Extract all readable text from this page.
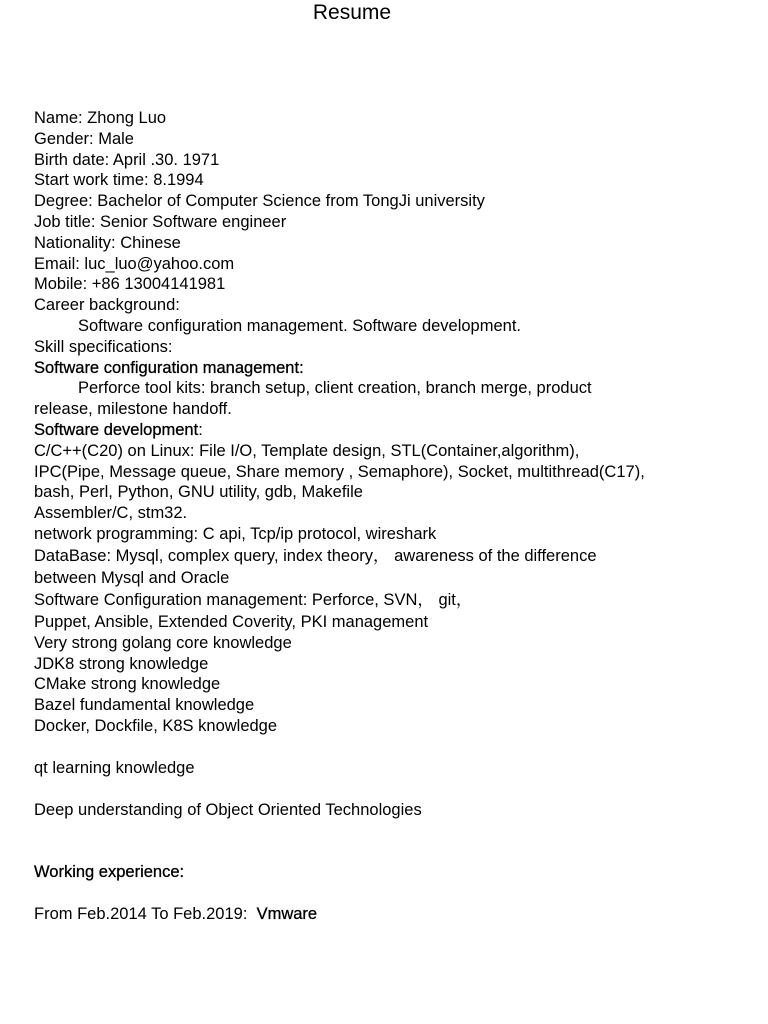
Resume
Name: Zhong Luo
Gender: Male
Birth date: April .30. 1971
Start work time: 8.1994
Degree: Bachelor of Computer Science from TongJi university
Job title: Senior Software engineer
Nationality: Chinese
Email: luc_luo@yahoo.com
Mobile: +86 13004141981
Career background:
Software configuration management. Software development.
Skill specifications:
Software configuration management:
Perforce tool kits: branch setup, client creation, branch merge, product
release, milestone handoff.
Software development:
C/C++(C20) on Linux: File I/O, Template design, STL(Container,algorithm),
IPC(Pipe, Message queue, Share memory , Semaphore), Socket, multithread(C17),
bash, Perl, Python, GNU utility, gdb, Makefile
Assembler/C, stm32.
network programming: C api, Tcp/ip protocol, wireshark
DataBase: Mysql, complex query, index theory， awareness of the difference
between Mysql and Oracle
Software Configuration management: Perforce, SVN， git，
Puppet, Ansible, Extended Coverity, PKI management
Very strong golang core knowledge
JDK8 strong knowledge
CMake strong knowledge
Bazel fundamental knowledge
Docker, Dockfile, K8S knowledge
qt learning knowledge
Deep understanding of Object Oriented Technologies
Working experience:
From Feb.2014 To Feb.2019:  Vmware
